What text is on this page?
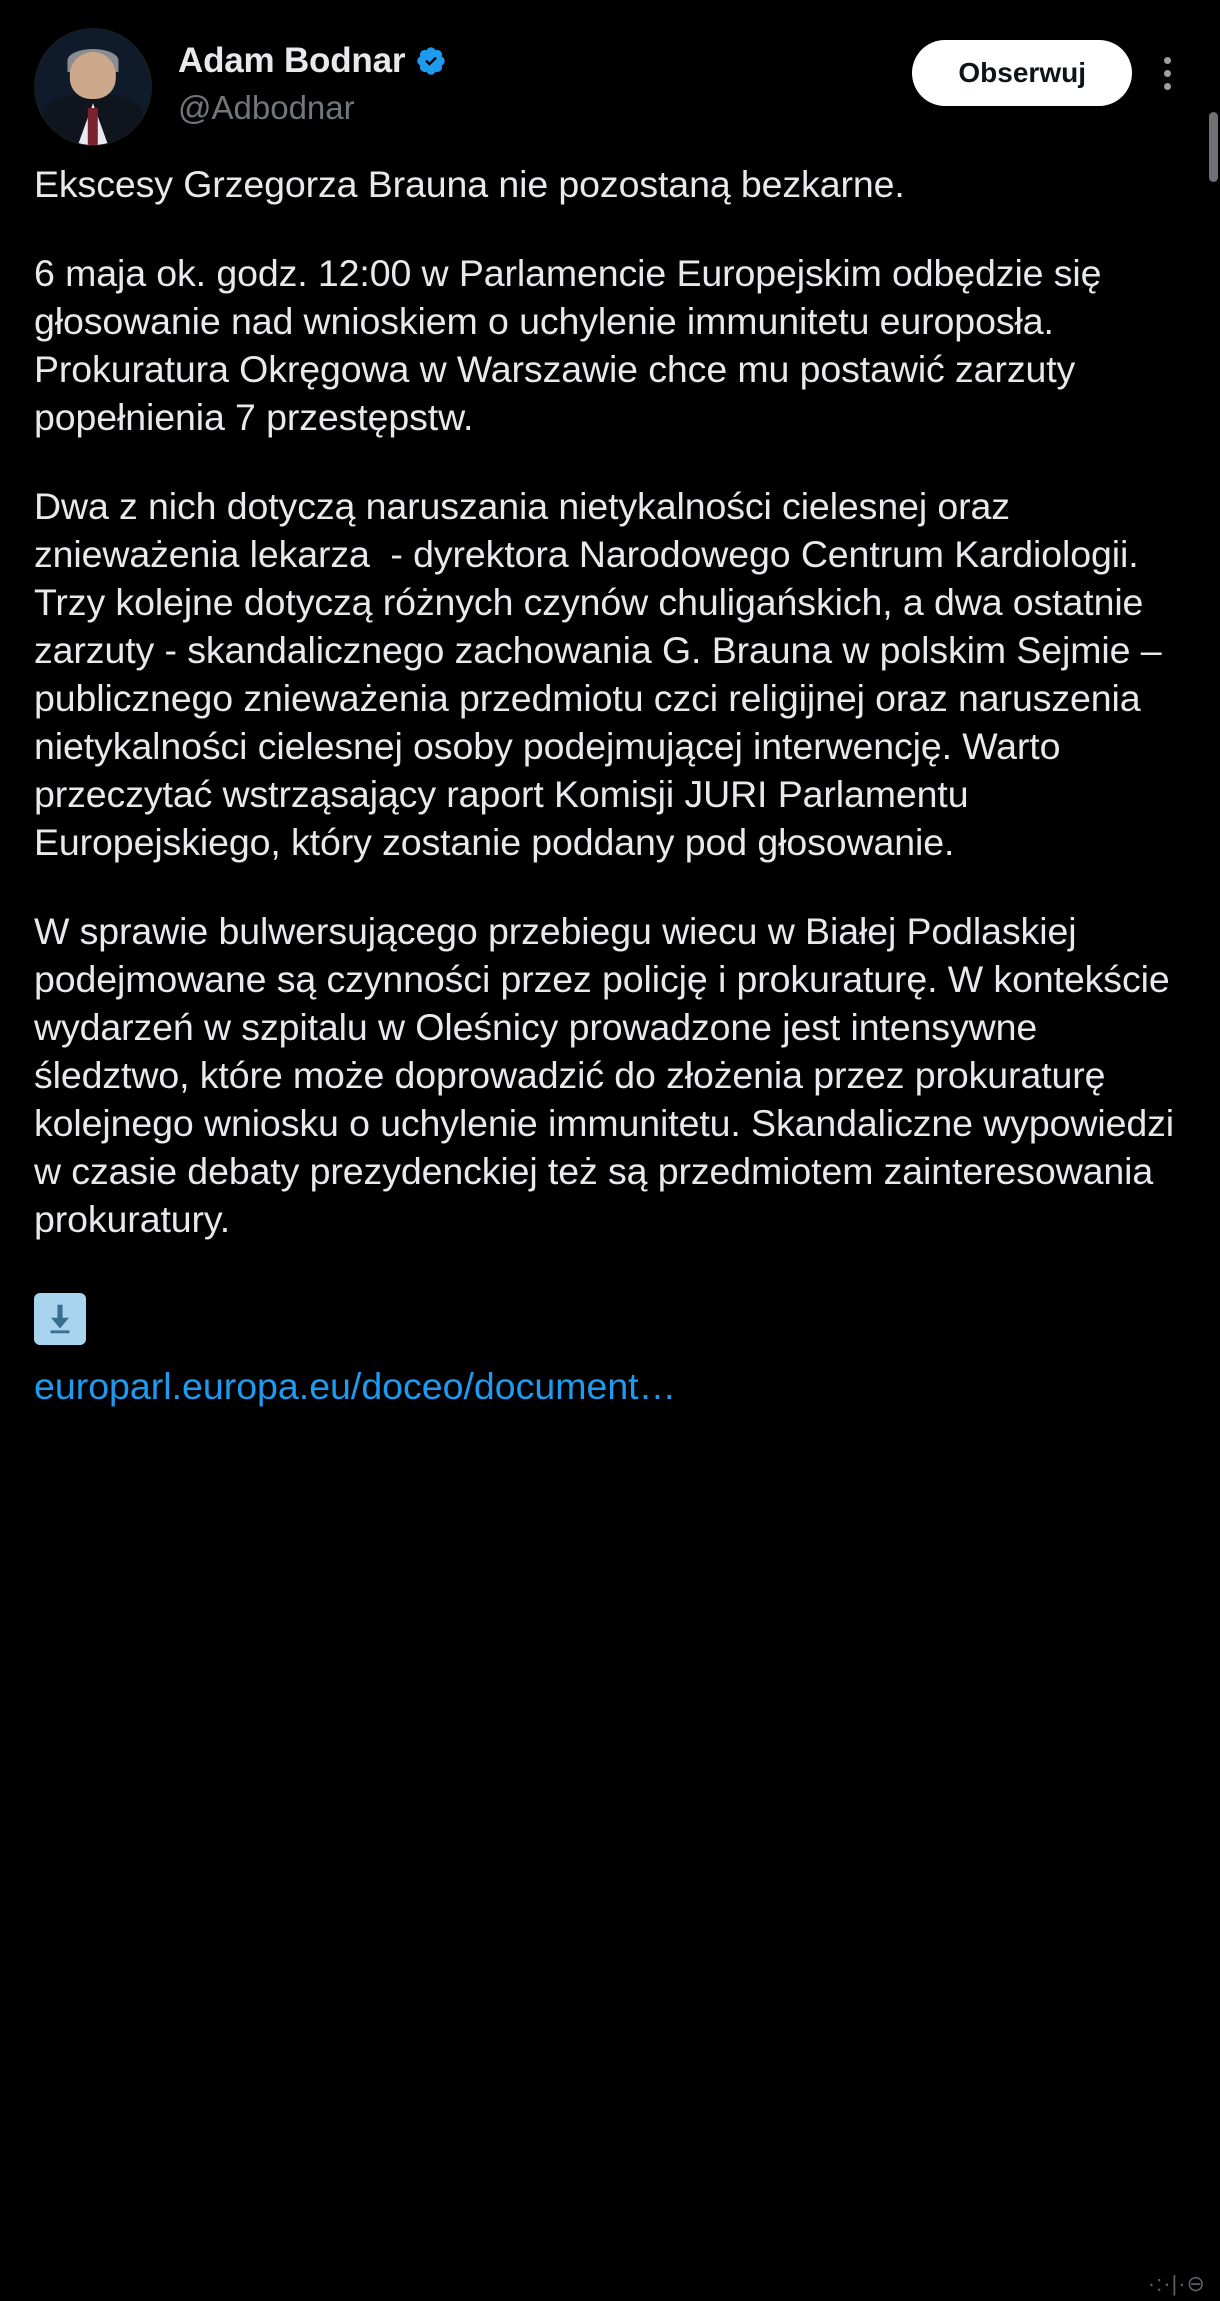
Adam Bodnar
@Adbodnar
Obserwuj

Ekscesy Grzegorza Brauna nie pozostaną bezkarne.

6 maja ok. godz. 12:00 w Parlamencie Europejskim odbędzie się głosowanie nad wnioskiem o uchylenie immunitetu europosła. Prokuratura Okręgowa w Warszawie chce mu postawić zarzuty popełnienia 7 przestępstw.

Dwa z nich dotyczą naruszania nietykalności cielesnej oraz znieważenia lekarza  - dyrektora Narodowego Centrum Kardiologii. Trzy kolejne dotyczą różnych czynów chuligańskich, a dwa ostatnie zarzuty - skandalicznego zachowania G. Brauna w polskim Sejmie – publicznego znieważenia przedmiotu czci religijnej oraz naruszenia nietykalności cielesnej osoby podejmującej interwencję. Warto przeczytać wstrząsający raport Komisji JURI Parlamentu Europejskiego, który zostanie poddany pod głosowanie.

W sprawie bulwersującego przebiegu wiecu w Białej Podlaskiej podejmowane są czynności przez policję i prokuraturę. W kontekście wydarzeń w szpitalu w Oleśnicy prowadzone jest intensywne śledztwo, które może doprowadzić do złożenia przez prokuraturę kolejnego wniosku o uchylenie immunitetu. Skandaliczne wypowiedzi w czasie debaty prezydenckiej też są przedmiotem zainteresowania prokuratury.

europarl.europa.eu/doceo/document…
·:·|·⊖
